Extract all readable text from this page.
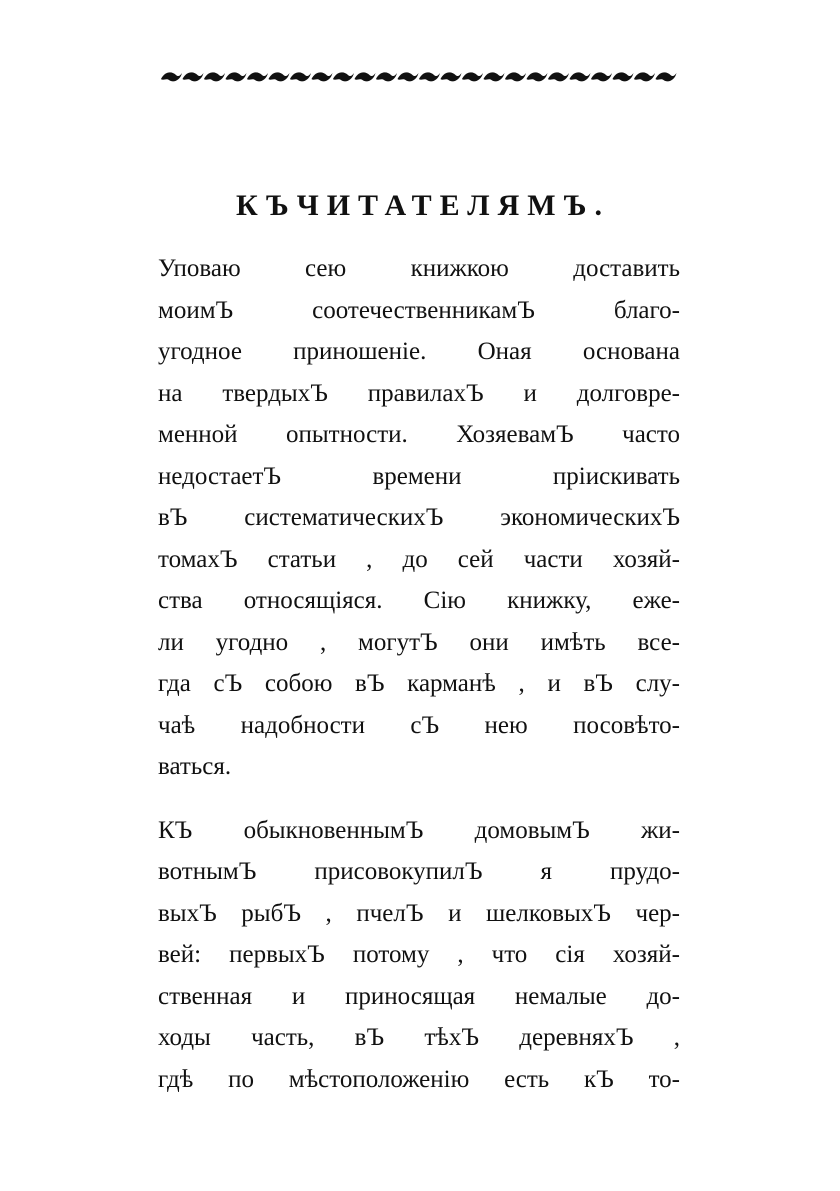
КЪЧИТАТЕЛЯМЪ.
Уповаю сею книжкою доставить
моимЪ соотечественникамЪ благо-
угодное приношеніе. Оная основана
на твердыхЪ правилахЪ и долговре-
менной опытности. ХозяевамЪ часто
недостаетЪ времени пріискивать
вЪ систематическихЪ экономическихЪ
томахЪ статьи , до сей части хозяй-
ства относящіяся. Сію книжку, еже-
ли угодно , могутЪ они имѣть все-
гда сЪ собою вЪ карманѣ , и вЪ слу-
чаѣ надобности сЪ нею посовѣто-
ваться.
КЪ обыкновеннымЪ домовымЪ жи-
вотнымЪ присовокупилЪ я прудо-
выхЪ рыбЪ , пчелЪ и шелковыхЪ чер-
вей: первыхЪ потому , что сія хозяй-
ственная и приносящая немалые до-
ходы часть, вЪ тѣхЪ деревняхЪ ,
гдѣ по мѣстоположенію есть кЪ то-
